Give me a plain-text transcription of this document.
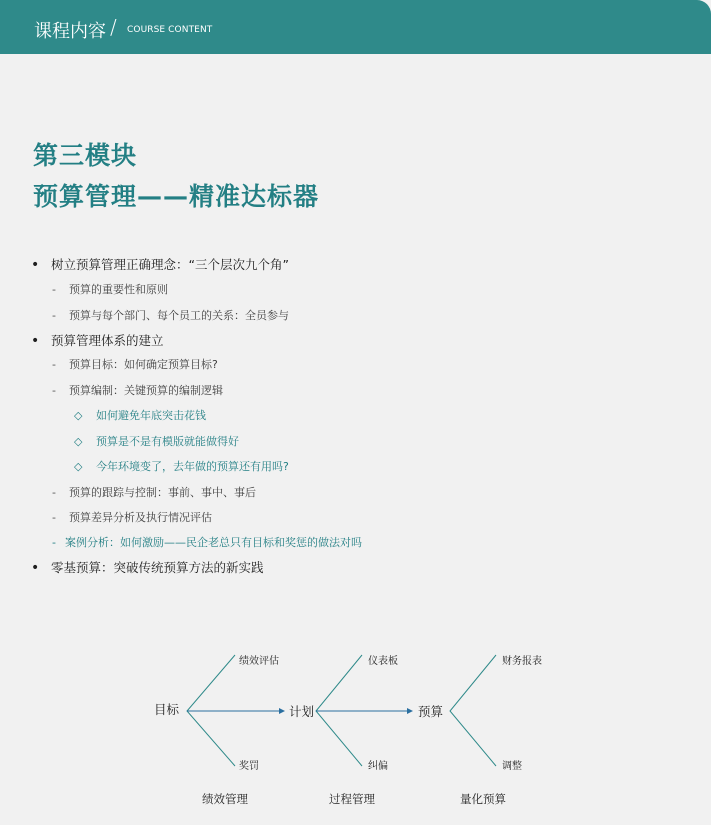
课程内容 / COURSE CONTENT
第三模块
预算管理——精准达标器
• 树立预算管理正确理念：“三个层次九个角”
- 预算的重要性和原则
- 预算与每个部门、每个员工的关系：全员参与
• 预算管理体系的建立
- 预算目标：如何确定预算目标?
- 预算编制：关键预算的编制逻辑
◇ 如何避免年底突击花钱
◇ 预算是不是有模版就能做得好
◇ 今年环境变了，去年做的预算还有用吗?
- 预算的跟踪与控制：事前、事中、事后
- 预算差异分析及执行情况评估
- 案例分析：如何激励——民企老总只有目标和奖惩的做法对吗
• 零基预算：突破传统预算方法的新实践
目标	计划	预算
绩效评估
奖罚
仪表板
纠偏
财务报表
调整
绩效管理	过程管理	量化预算
